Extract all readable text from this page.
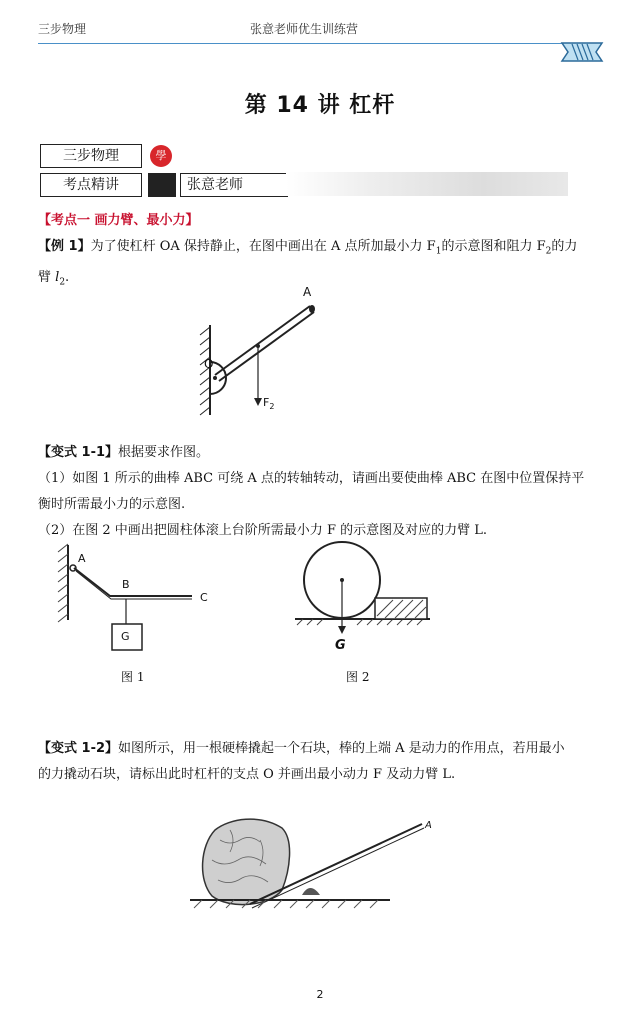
三步物理	张意老师优生训练营
第 14 讲 杠杆
三步物理	學
考点精讲	张意老师
【考点一 画力臂、最小力】
【例 1】为了使杠杆 OA 保持静止，在图中画出在 A 点所加最小力 $F_1$的示意图和阻力 $F_2$的力
臂 $l_2$.
A
O
$F_2$
【变式 1-1】根据要求作图。
（1）如图 1 所示的曲棒 ABC 可绕 A 点的转轴转动，请画出要使曲棒 ABC 在图中位置保持平
衡时所需最小力的示意图.
（2）在图 2 中画出把圆柱体滚上台阶所需最小力 F 的示意图及对应的力臂 L.
A
B
C
G
G
图 1	图 2
【变式 1-2】如图所示，用一根硬棒撬起一个石块，棒的上端 A 是动力的作用点，若用最小
的力撬动石块，请标出此时杠杆的支点 O 并画出最小动力 F 及动力臂 L.
A
2
